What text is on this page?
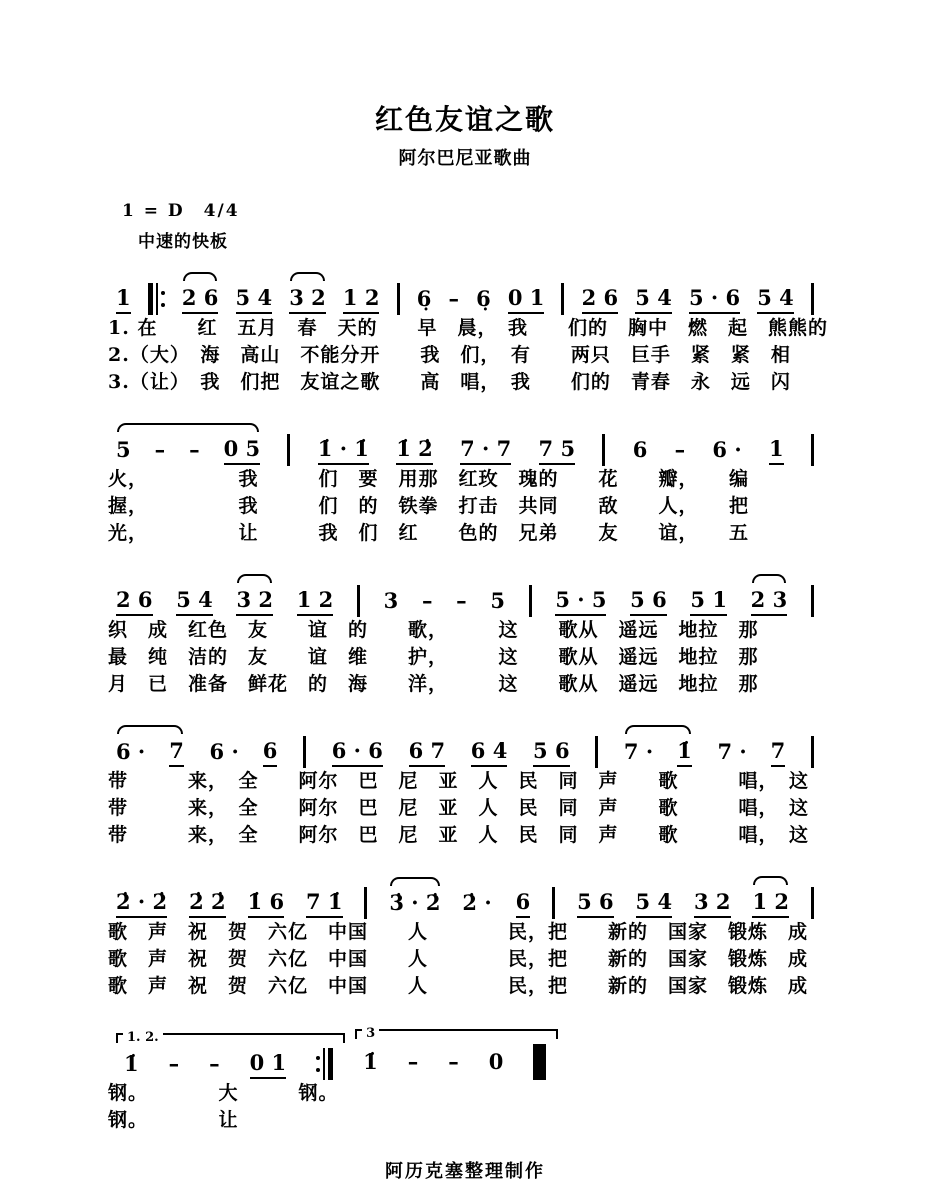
红色友谊之歌
阿尔巴尼亚歌曲
1 = D　 4/4
中速的快板
1 2 6 5 4 3 2 1 2 6̣ – 6̣ 0 1 2 6 5 4 5 · 6 5 4
1. 在　　红　五月　春　天的　　早　晨，　我　　们的　胸中　燃　起　熊熊的
2.（大）　海　高山　不能分开　　我　们，　有　　两只　巨手　紧　紧　相
3.（让）　我　们把　友谊之歌　　高　唱，　我　　们的　青春　永　远　闪
5 – – 0 5	1̇ · 1̇ 1̇ 2̇ 7 · 7 7 5	6 – 6 · 1
火，　　　　　我　　　们　要　用那　红玫　瑰的　　花　　瓣，　　编
握，　　　　　我　　　们　的　铁拳　打击　共同　　敌　　人，　　把
光，　　　　　让　　　我　们　红　　色的　兄弟　　友　　谊，　　五
2 6 5 4 3 2 1 2 3 – – 5 5 · 5 5 6 5 1 2 3
织　成　红色　友　　谊　的　　歌，　　　这　　歌从　遥远　地拉　那
最　纯　洁的　友　　谊　维　　护，　　　这　　歌从　遥远　地拉　那
月　已　准备　鲜花　的　海　　洋，　　　这　　歌从　遥远　地拉　那
6 · 7 6 · 6	6 · 6 6 7 6 4 5 6	7 · 1̇ 7 · 7
带　　　来，　全　　阿尔　巴　尼　亚　人　民　同　声　　歌　　　唱，　这
带　　　来，　全　　阿尔　巴　尼　亚　人　民　同　声　　歌　　　唱，　这
带　　　来，　全　　阿尔　巴　尼　亚　人　民　同　声　　歌　　　唱，　这
2̇ · 2̇ 2̇ 2̇ 1̇ 6 7 1̇ 3̇ · 2̇ 2̇ · 6 5 6 5 4 3 2 1 2
歌　声　祝　贺　六亿　中国　　人　　　　民，把　　新的　国家　锻炼　成
歌　声　祝　贺　六亿　中国　　人　　　　民，把　　新的　国家　锻炼　成
歌　声　祝　贺　六亿　中国　　人　　　　民，把　　新的　国家　锻炼　成
1. 2.
1̇ – – 0 1
3
1̇ – – 0
钢。　　　　大　　　钢。
钢。　　　　让
阿历克塞整理制作
